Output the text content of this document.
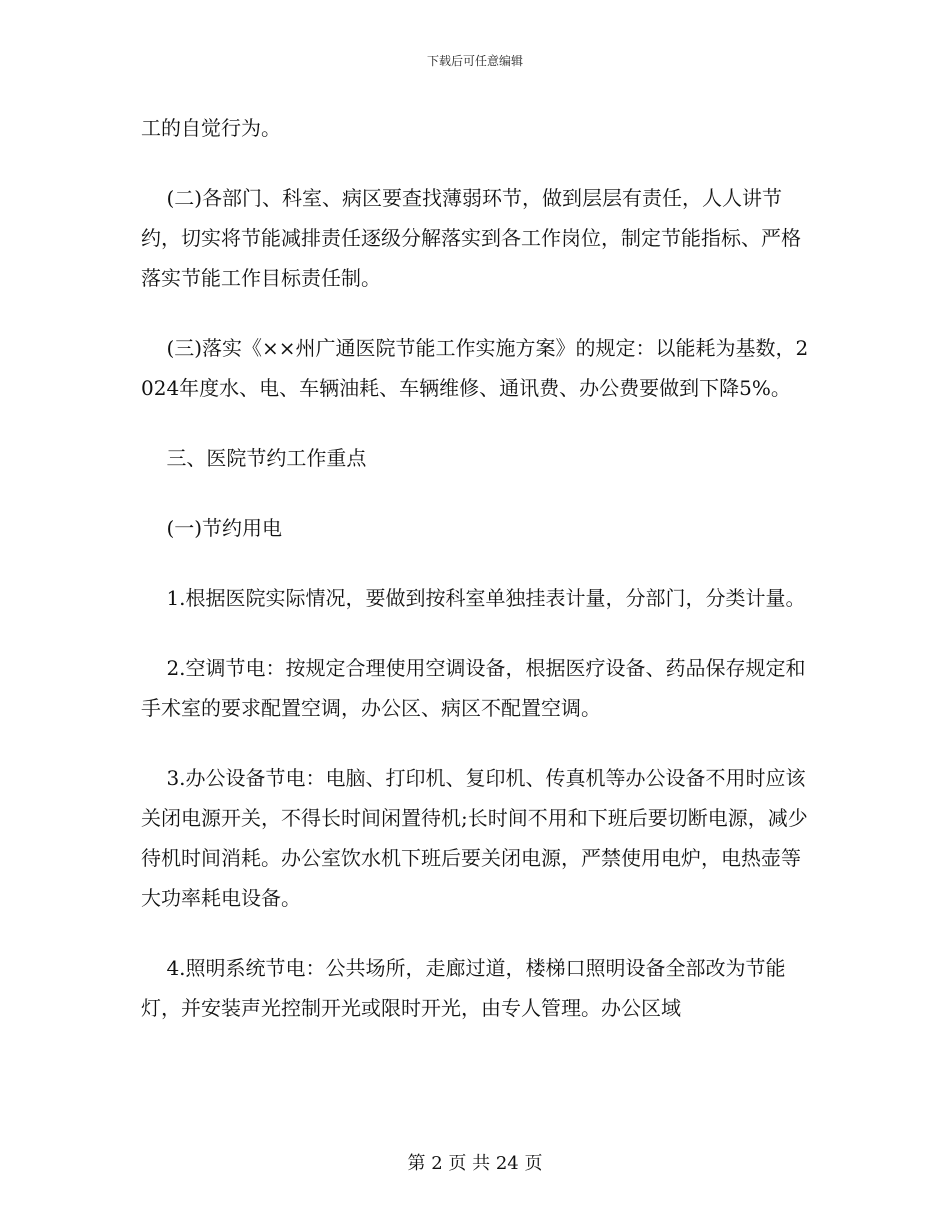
下载后可任意编辑

工的自觉行为。

(二)各部门、科室、病区要查找薄弱环节，做到层层有责任，人人讲节约，切实将节能减排责任逐级分解落实到各工作岗位，制定节能指标、严格落实节能工作目标责任制。

(三)落实《××州广通医院节能工作实施方案》的规定：以能耗为基数，2024年度水、电、车辆油耗、车辆维修、通讯费、办公费要做到下降5%。

三、医院节约工作重点

(一)节约用电

1.根据医院实际情况，要做到按科室单独挂表计量，分部门，分类计量。

2.空调节电：按规定合理使用空调设备，根据医疗设备、药品保存规定和手术室的要求配置空调，办公区、病区不配置空调。

3.办公设备节电：电脑、打印机、复印机、传真机等办公设备不用时应该关闭电源开关，不得长时间闲置待机;长时间不用和下班后要切断电源，减少待机时间消耗。办公室饮水机下班后要关闭电源，严禁使用电炉，电热壶等大功率耗电设备。

4.照明系统节电：公共场所，走廊过道，楼梯口照明设备全部改为节能灯，并安装声光控制开光或限时开光，由专人管理。办公区域

第 2 页 共 24 页
